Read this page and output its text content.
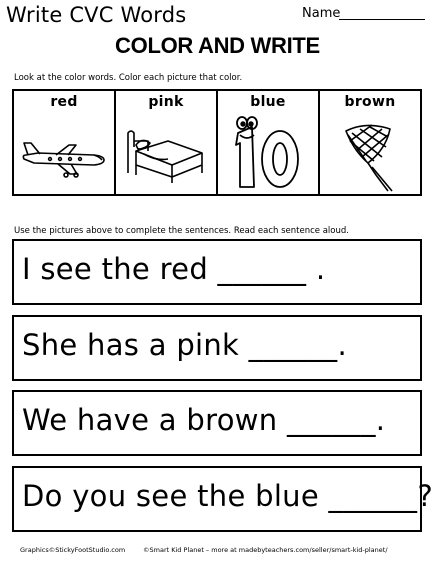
Write CVC Words	Name
COLOR AND WRITE
Look at the color words. Color each picture that color.
red	pink	blue	brown
Use the pictures above to complete the sentences. Read each sentence aloud.
I see the red ______ .
She has a pink ______.
We have a brown ______.
Do you see the blue ______?
Graphics©StickyFootStudio.com	©Smart Kid Planet – more at madebyteachers.com/seller/smart-kid-planet/
